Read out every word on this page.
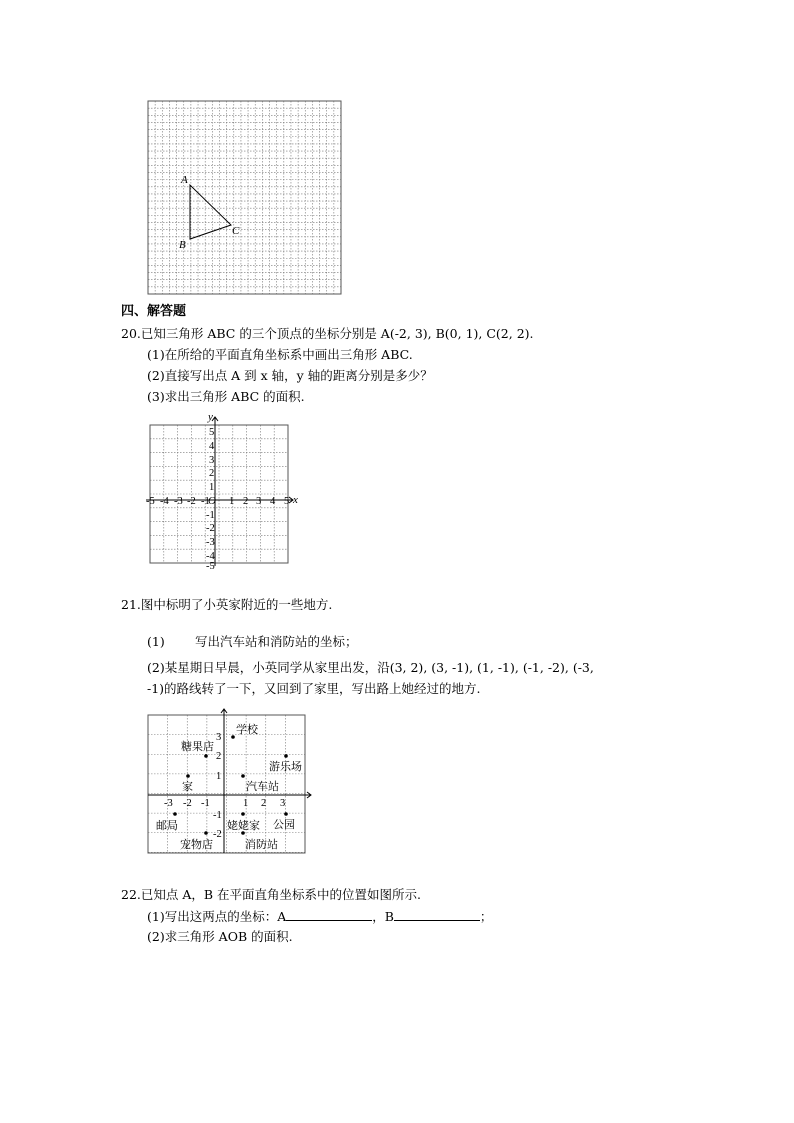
A
B
C
四、解答题
20.已知三角形 ABC 的三个顶点的坐标分别是 A(-2, 3), B(0, 1), C(2, 2).
(1)在所给的平面直角坐标系中画出三角形 ABC.
(2)直接写出点 A 到 x 轴，y 轴的距离分别是多少？
(3)求出三角形 ABC 的面积.
x
y
O
-5 -4 -3 -2 -1 1 2 3 4 5
5
4
3
2
1
-1
-2
-3
-4
-5
21.图中标明了小英家附近的一些地方.
(1) 写出汽车站和消防站的坐标；
(2)某星期日早晨，小英同学从家里出发，沿(3, 2), (3, -1), (1, -1), (-1, -2), (-3,
-1)的路线转了一下，又回到了家里，写出路上她经过的地方.
-3 -2 -1	1 2 3
3
2
1
-1
-2
学校
糖果店
游乐场
家	汽车站
邮局	姥姥家 公园
宠物店	消防站
22.已知点 A，B 在平面直角坐标系中的位置如图所示.
(1)写出这两点的坐标：A	，B	；
(2)求三角形 AOB 的面积.
